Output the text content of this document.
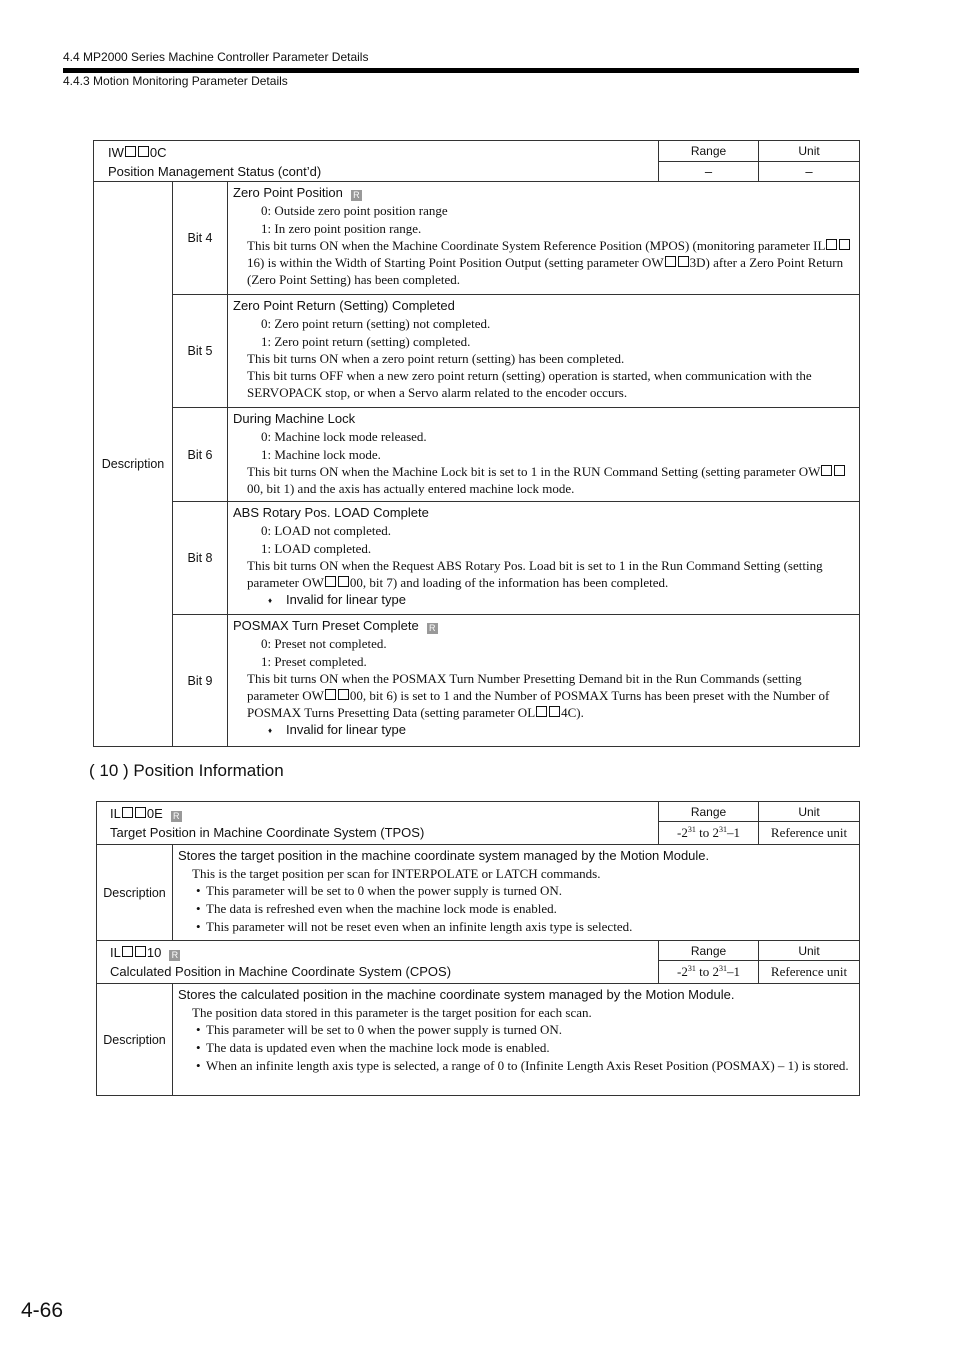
4.4 MP2000 Series Machine Controller Parameter Details
4.4.3 Motion Monitoring Parameter Details
IW 0C
Position Management Status (cont’d)			Range	Unit
			–	–
Description	Bit 4	Zero Point Position R
0: Outside zero point position range
1: In zero point position range.
This bit turns ON when the Machine Coordinate System Reference Position (MPOS) (monitoring parameter IL16) is within the Width of Starting Point Position Output (setting parameter OW 3D) after a Zero Point Return (Zero Point Setting) has been completed.		

	Bit 5	Zero Point Return (Setting) Completed
0: Zero point return (setting) not completed.
1: Zero point return (setting) completed.
This bit turns ON when a zero point return (setting) has been completed.
This bit turns OFF when a new zero point return (setting) operation is started, when communication with the SERVOPACK stop, or when a Servo alarm related to the encoder occurs.		

	Bit 6	During Machine Lock
0: Machine lock mode released.
1: Machine lock mode.
This bit turns ON when the Machine Lock bit is set to 1 in the RUN Command Setting (setting parameter OW00, bit 1) and the axis has actually entered machine lock mode.		

	Bit 8	ABS Rotary Pos. LOAD Complete
0: LOAD not completed.
1: LOAD completed.
This bit turns ON when the Request ABS Rotary Pos. Load bit is set to 1 in the Run Command Setting (setting parameter OW 00, bit 7) and loading of the information has been completed.
♦ Invalid for linear type

	Bit 9	POSMAX Turn Preset Complete R
0: Preset not completed.
1: Preset completed.
This bit turns ON when the POSMAX Turn Number Presetting Demand bit in the Run Commands (setting parameter OW 00, bit 6) is set to 1 and the Number of POSMAX Turns has been preset with the Number of POSMAX Turns Presetting Data (setting parameter OL 4C).
♦ Invalid for linear type
( 10 ) Position Information
IL 0E R
Target Position in Machine Coordinate System (TPOS)		Range	Unit
		$-2^{31}$ to $2^{31}-1$	Reference unit
Description	Stores the target position in the machine coordinate system managed by the Motion Module.
This is the target position per scan for INTERPOLATE or LATCH commands.
• This parameter will be set to 0 when the power supply is turned ON.
• The data is refreshed even when the machine lock mode is enabled.
• This parameter will not be reset even when an infinite length axis type is selected.

IL 10 R
Calculated Position in Machine Coordinate System (CPOS)		Range	Unit
		$-2^{31}$ to $2^{31}-1$	Reference unit
Description	Stores the calculated position in the machine coordinate system managed by the Motion Module.
The position data stored in this parameter is the target position for each scan.
• This parameter will be set to 0 when the power supply is turned ON.
• The data is updated even when the machine lock mode is enabled.
• When an infinite length axis type is selected, a range of 0 to (Infinite Length Axis Reset Position (POSMAX) – 1) is stored.
4-66
